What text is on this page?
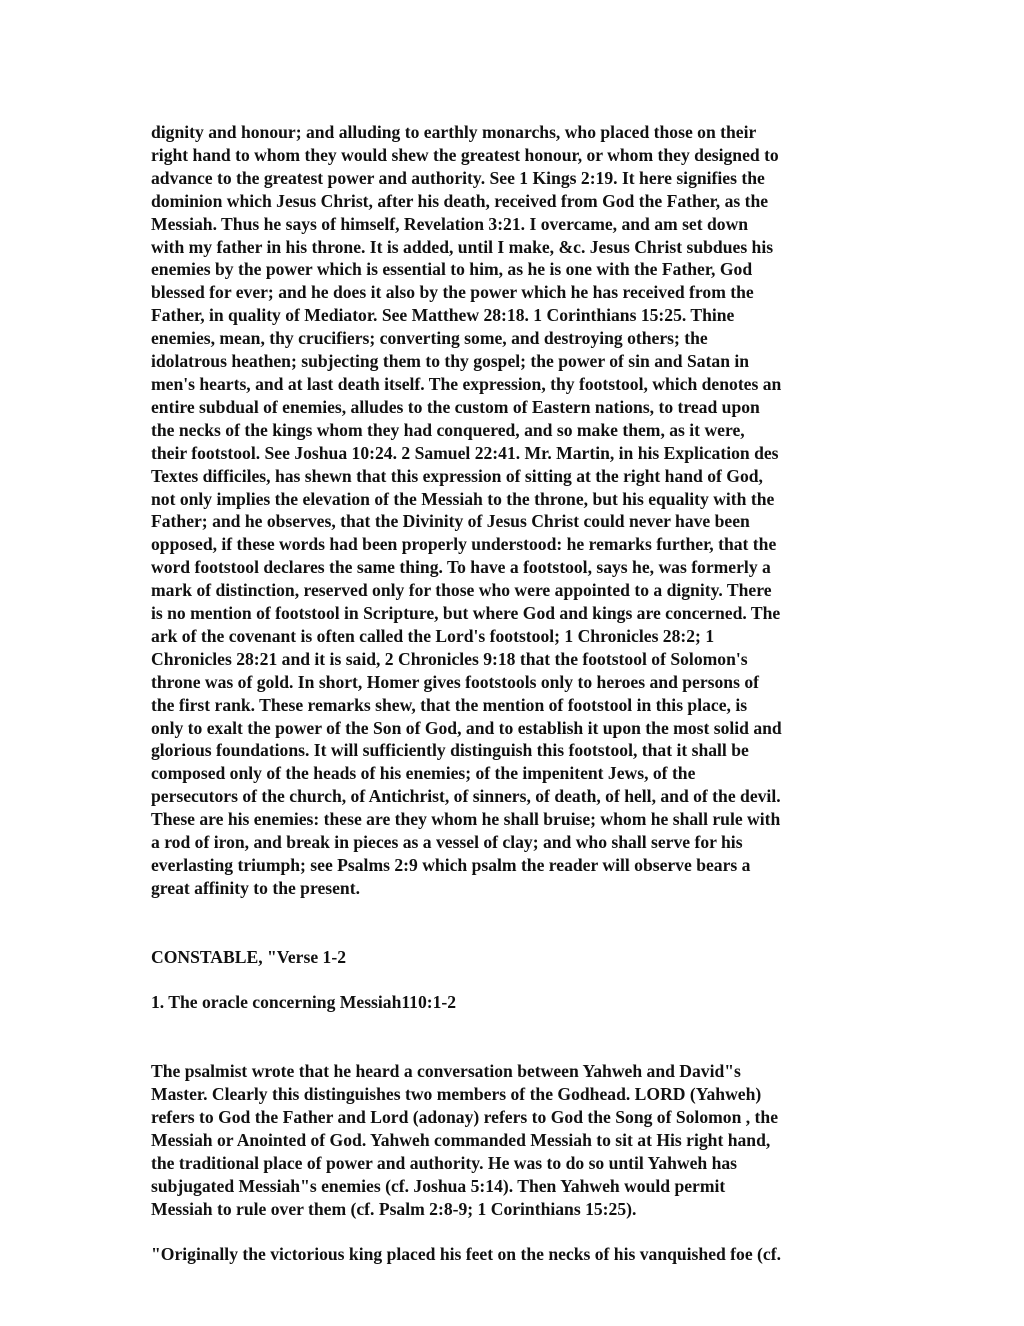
dignity and honour; and alluding to earthly monarchs, who placed those on their
right hand to whom they would shew the greatest honour, or whom they designed to
advance to the greatest power and authority. See 1 Kings 2:19. It here signifies the
dominion which Jesus Christ, after his death, received from God the Father, as the
Messiah. Thus he says of himself, Revelation 3:21. I overcame, and am set down
with my father in his throne. It is added, until I make, &c. Jesus Christ subdues his
enemies by the power which is essential to him, as he is one with the Father, God
blessed for ever; and he does it also by the power which he has received from the
Father, in quality of Mediator. See Matthew 28:18. 1 Corinthians 15:25. Thine
enemies, mean, thy crucifiers; converting some, and destroying others; the
idolatrous heathen; subjecting them to thy gospel; the power of sin and Satan in
men's hearts, and at last death itself. The expression, thy footstool, which denotes an
entire subdual of enemies, alludes to the custom of Eastern nations, to tread upon
the necks of the kings whom they had conquered, and so make them, as it were,
their footstool. See Joshua 10:24. 2 Samuel 22:41. Mr. Martin, in his Explication des
Textes difficiles, has shewn that this expression of sitting at the right hand of God,
not only implies the elevation of the Messiah to the throne, but his equality with the
Father; and he observes, that the Divinity of Jesus Christ could never have been
opposed, if these words had been properly understood: he remarks further, that the
word footstool declares the same thing. To have a footstool, says he, was formerly a
mark of distinction, reserved only for those who were appointed to a dignity. There
is no mention of footstool in Scripture, but where God and kings are concerned. The
ark of the covenant is often called the Lord's footstool; 1 Chronicles 28:2; 1
Chronicles 28:21 and it is said, 2 Chronicles 9:18 that the footstool of Solomon's
throne was of gold. In short, Homer gives footstools only to heroes and persons of
the first rank. These remarks shew, that the mention of footstool in this place, is
only to exalt the power of the Son of God, and to establish it upon the most solid and
glorious foundations. It will sufficiently distinguish this footstool, that it shall be
composed only of the heads of his enemies; of the impenitent Jews, of the
persecutors of the church, of Antichrist, of sinners, of death, of hell, and of the devil.
These are his enemies: these are they whom he shall bruise; whom he shall rule with
a rod of iron, and break in pieces as a vessel of clay; and who shall serve for his
everlasting triumph; see Psalms 2:9 which psalm the reader will observe bears a
great affinity to the present.

CONSTABLE, "Verse 1-2

1. The oracle concerning Messiah110:1-2

The psalmist wrote that he heard a conversation between Yahweh and David"s
Master. Clearly this distinguishes two members of the Godhead. LORD (Yahweh)
refers to God the Father and Lord (adonay) refers to God the Song of Solomon , the
Messiah or Anointed of God. Yahweh commanded Messiah to sit at His right hand,
the traditional place of power and authority. He was to do so until Yahweh has
subjugated Messiah"s enemies (cf. Joshua 5:14). Then Yahweh would permit
Messiah to rule over them (cf. Psalm 2:8-9; 1 Corinthians 15:25).
"Originally the victorious king placed his feet on the necks of his vanquished foe (cf.
